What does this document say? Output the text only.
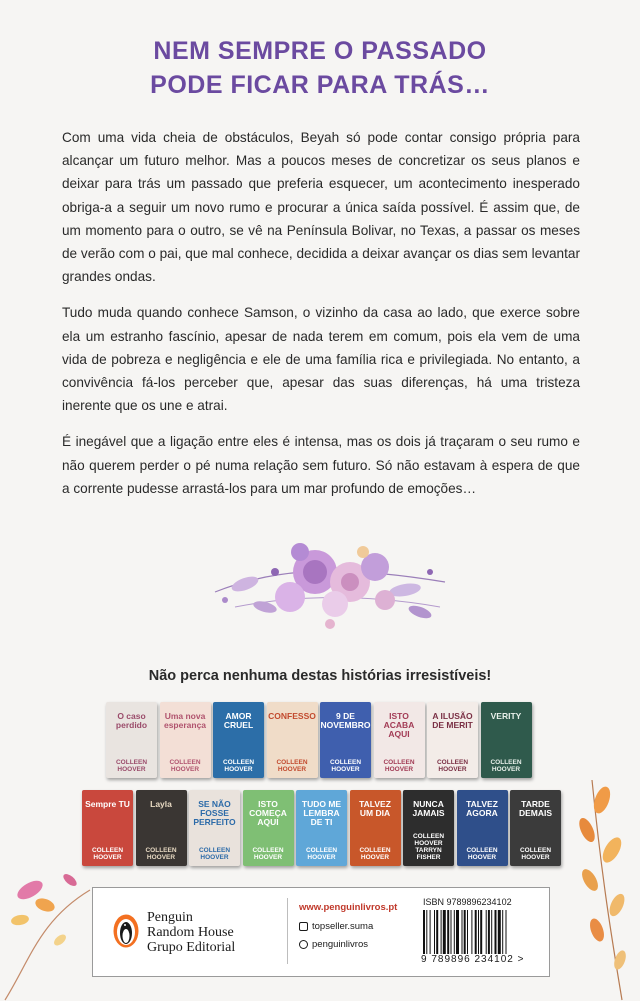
NEM SEMPRE O PASSADO
PODE FICAR PARA TRÁS…

Com uma vida cheia de obstáculos, Beyah só pode contar consigo própria para alcançar um futuro melhor. Mas a poucos meses de concretizar os seus planos e deixar para trás um passado que preferia esquecer, um acontecimento inesperado obriga-a a seguir um novo rumo e procurar a única saída possível. É assim que, de um momento para o outro, se vê na Península Bolivar, no Texas, a passar os meses de verão com o pai, que mal conhece, decidida a deixar avançar os dias sem levantar grandes ondas.

Tudo muda quando conhece Samson, o vizinho da casa ao lado, que exerce sobre ela um estranho fascínio, apesar de nada terem em comum, pois ela vem de uma vida de pobreza e negligência e ele de uma família rica e privilegiada. No entanto, a convivência fá-los perceber que, apesar das suas diferenças, há uma tristeza inerente que os une e atrai.

É inegável que a ligação entre eles é intensa, mas os dois já traçaram o seu rumo e não querem perder o pé numa relação sem futuro. Só não estavam à espera de que a corrente pudesse arrastá-los para um mar profundo de emoções…

Não perca nenhuma destas histórias irresistíveis!
O caso perdido
COLLEEN HOOVER
Uma nova esperança
COLLEEN HOOVER
AMOR CRUEL
COLLEEN HOOVER
CONFESSO
COLLEEN HOOVER
9 DE NOVEMBRO
COLLEEN HOOVER
ISTO ACABA AQUI
COLLEEN HOOVER
A ILUSÃO DE MERIT
COLLEEN HOOVER
VERITY
COLLEEN HOOVER
Sempre TU
COLLEEN HOOVER
Layla
COLLEEN HOOVER
SE NÃO FOSSE PERFEITO
COLLEEN HOOVER
ISTO COMEÇA AQUI
COLLEEN HOOVER
TUDO ME LEMBRA DE TI
COLLEEN HOOVER
TALVEZ UM DIA
COLLEEN HOOVER
NUNCA JAMAIS
COLLEEN HOOVER TARRYN FISHER
TALVEZ AGORA
COLLEEN HOOVER
TARDE DEMAIS
COLLEEN HOOVER
Penguin
Random House
Grupo Editorial
www.penguinlivros.pt
topseller.suma
penguinlivros
ISBN 9789896234102
9 789896 234102 >
